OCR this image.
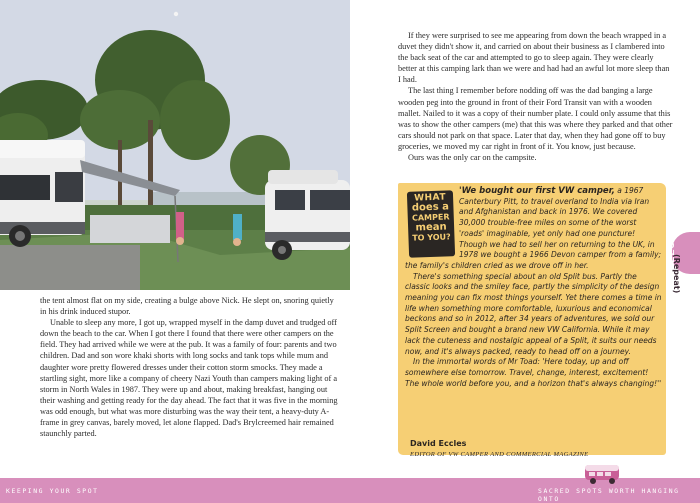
the tent almost flat on my side, creating a bulge above Nick. He slept on, snoring quietly in his drink induced stupor.

Unable to sleep any more, I got up, wrapped myself in the damp duvet and trudged off down the beach to the car. When I got there I found that there were other campers on the field. They had arrived while we were at the pub. It was a family of four: parents and two children. Dad and son wore khaki shorts with long socks and tank tops while mum and daughter wore pretty flowered dresses under their cotton storm smocks. They made a startling sight, more like a company of cheery Nazi Youth than campers making light of a storm in North Wales in 1987. They were up and about, making breakfast, hanging out their washing and getting ready for the day ahead. The fact that it was five in the morning was odd enough, but what was more disturbing was the way their tent, a heavy-duty A-frame in grey canvas, barely moved, let alone flapped. Dad's Brylcreemed hair remained staunchly parted.

If they were surprised to see me appearing from down the beach wrapped in a duvet they didn't show it, and carried on about their business as I clambered into the back seat of the car and attempted to go to sleep again. They were clearly better at this camping lark than we were and had had an awful lot more sleep than I had.

The last thing I remember before nodding off was the dad banging a large wooden peg into the ground in front of their Ford Transit van with a wooden mallet. Nailed to it was a copy of their number plate. I could only assume that this was to show the other campers (me) that this was where they parked and that other cars should not park on that space. Later that day, when they had gone off to buy groceries, we moved my car right in front of it. You know, just because.

Ours was the only car on the campsite.

'We bought our first VW camper, a 1967 Canterbury Pitt, to travel overland to India via Iran and Afghanistan and back in 1976. We covered 30,000 trouble-free miles on some of the worst 'roads' imaginable, yet only had one puncture! Though we had to sell her on returning to the UK, in 1978 we bought a 1966 Devon camper from a family; the family's children cried as we drove off in her.

There's something special about an old Split bus. Partly the classic looks and the smiley face, partly the simplicity of the design meaning you can fix most things yourself. Yet there comes a time in life when something more comfortable, luxurious and economical beckons and so in 2012, after 34 years of adventures, we sold our Split Screen and bought a brand new VW California. While it may lack the cuteness and nostalgic appeal of a Split, it suits our needs now, and it's always packed, ready to head off on a journey.

In the immortal words of Mr Toad: 'Here today, up and off somewhere else tomorrow. Travel, change, interest, excitement! The whole world before you, and a horizon that's always changing!''

WHAT
does a
CAMPER
mean
TO YOU?
David Eccles
EDITOR OF VW CAMPER AND COMMERCIAL MAGAZINE
377
(Repeat)
KEEPING YOUR SPOT	SACRED SPOTS WORTH HANGING ONTO
